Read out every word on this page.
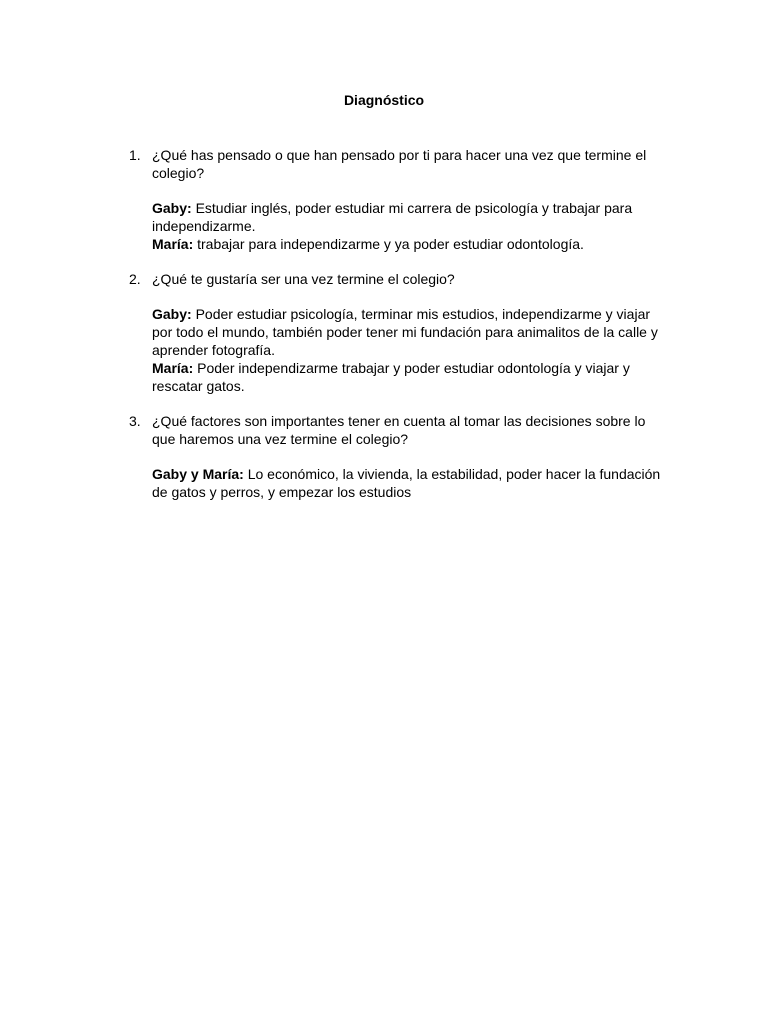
Diagnóstico
1. ¿Qué has pensado o que han pensado por ti para hacer una vez que termine el colegio?

Gaby: Estudiar inglés, poder estudiar mi carrera de psicología y trabajar para independizarme.

María: trabajar para independizarme y ya poder estudiar odontología.

2. ¿Qué te gustaría ser una vez termine el colegio?

Gaby: Poder estudiar psicología, terminar mis estudios, independizarme y viajar por todo el mundo, también poder tener mi fundación para animalitos de la calle y aprender fotografía.

María: Poder independizarme trabajar y poder estudiar odontología y viajar y rescatar gatos.

3. ¿Qué factores son importantes tener en cuenta al tomar las decisiones sobre lo que haremos una vez termine el colegio?

Gaby y María: Lo económico, la vivienda, la estabilidad, poder hacer la fundación de gatos y perros, y empezar los estudios
